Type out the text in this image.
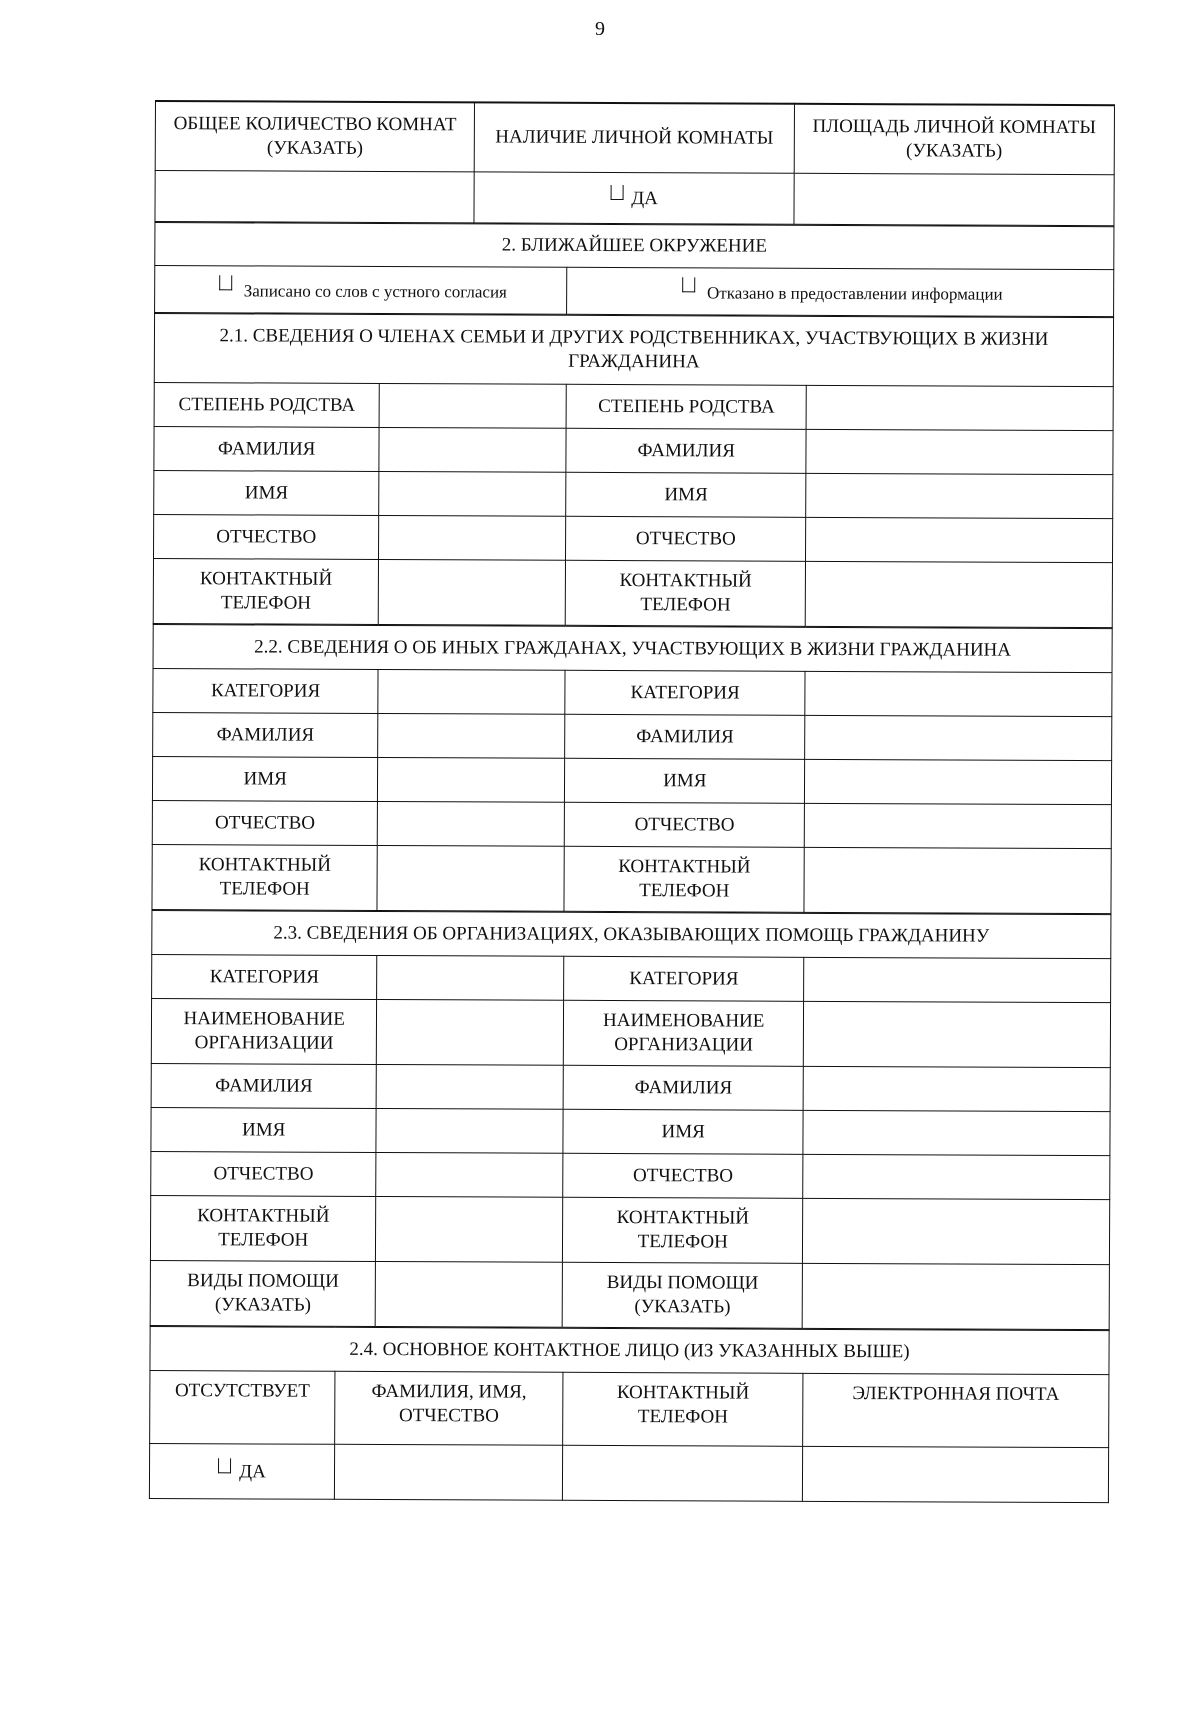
9
ОБЩЕЕ КОЛИЧЕСТВО КОМНАТ (УКАЗАТЬ)	НАЛИЧИЕ ЛИЧНОЙ КОМНАТЫ	ПЛОЩАДЬ ЛИЧНОЙ КОМНАТЫ (УКАЗАТЬ)
	ДА	
2. БЛИЖАЙШЕЕ ОКРУЖЕНИЕ
Записано со слов с устного согласия	Отказано в предоставлении информации
2.1. СВЕДЕНИЯ О ЧЛЕНАХ СЕМЬИ И ДРУГИХ РОДСТВЕННИКАХ, УЧАСТВУЮЩИХ В ЖИЗНИ ГРАЖДАНИНА			
СТЕПЕНЬ РОДСТВА		СТЕПЕНЬ РОДСТВА	
ФАМИЛИЯ		ФАМИЛИЯ	
ИМЯ		ИМЯ	
ОТЧЕСТВО		ОТЧЕСТВО	
КОНТАКТНЫЙ ТЕЛЕФОН		КОНТАКТНЫЙ ТЕЛЕФОН	
2.2. СВЕДЕНИЯ О ОБ ИНЫХ ГРАЖДАНАХ, УЧАСТВУЮЩИХ В ЖИЗНИ ГРАЖДАНИНА			
КАТЕГОРИЯ		КАТЕГОРИЯ	
ФАМИЛИЯ		ФАМИЛИЯ	
ИМЯ		ИМЯ	
ОТЧЕСТВО		ОТЧЕСТВО	
КОНТАКТНЫЙ ТЕЛЕФОН		КОНТАКТНЫЙ ТЕЛЕФОН	
2.3. СВЕДЕНИЯ ОБ ОРГАНИЗАЦИЯХ, ОКАЗЫВАЮЩИХ ПОМОЩЬ ГРАЖДАНИНУ			
КАТЕГОРИЯ		КАТЕГОРИЯ	
НАИМЕНОВАНИЕ ОРГАНИЗАЦИИ		НАИМЕНОВАНИЕ ОРГАНИЗАЦИИ	
ФАМИЛИЯ		ФАМИЛИЯ	
ИМЯ		ИМЯ	
ОТЧЕСТВО		ОТЧЕСТВО	
КОНТАКТНЫЙ ТЕЛЕФОН		КОНТАКТНЫЙ ТЕЛЕФОН	
ВИДЫ ПОМОЩИ (УКАЗАТЬ)		ВИДЫ ПОМОЩИ (УКАЗАТЬ)	
2.4. ОСНОВНОЕ КОНТАКТНОЕ ЛИЦО (ИЗ УКАЗАННЫХ ВЫШЕ)			
ОТСУТСТВУЕТ	ФАМИЛИЯ, ИМЯ, ОТЧЕСТВО	КОНТАКТНЫЙ ТЕЛЕФОН	ЭЛЕКТРОННАЯ ПОЧТА
ДА			
